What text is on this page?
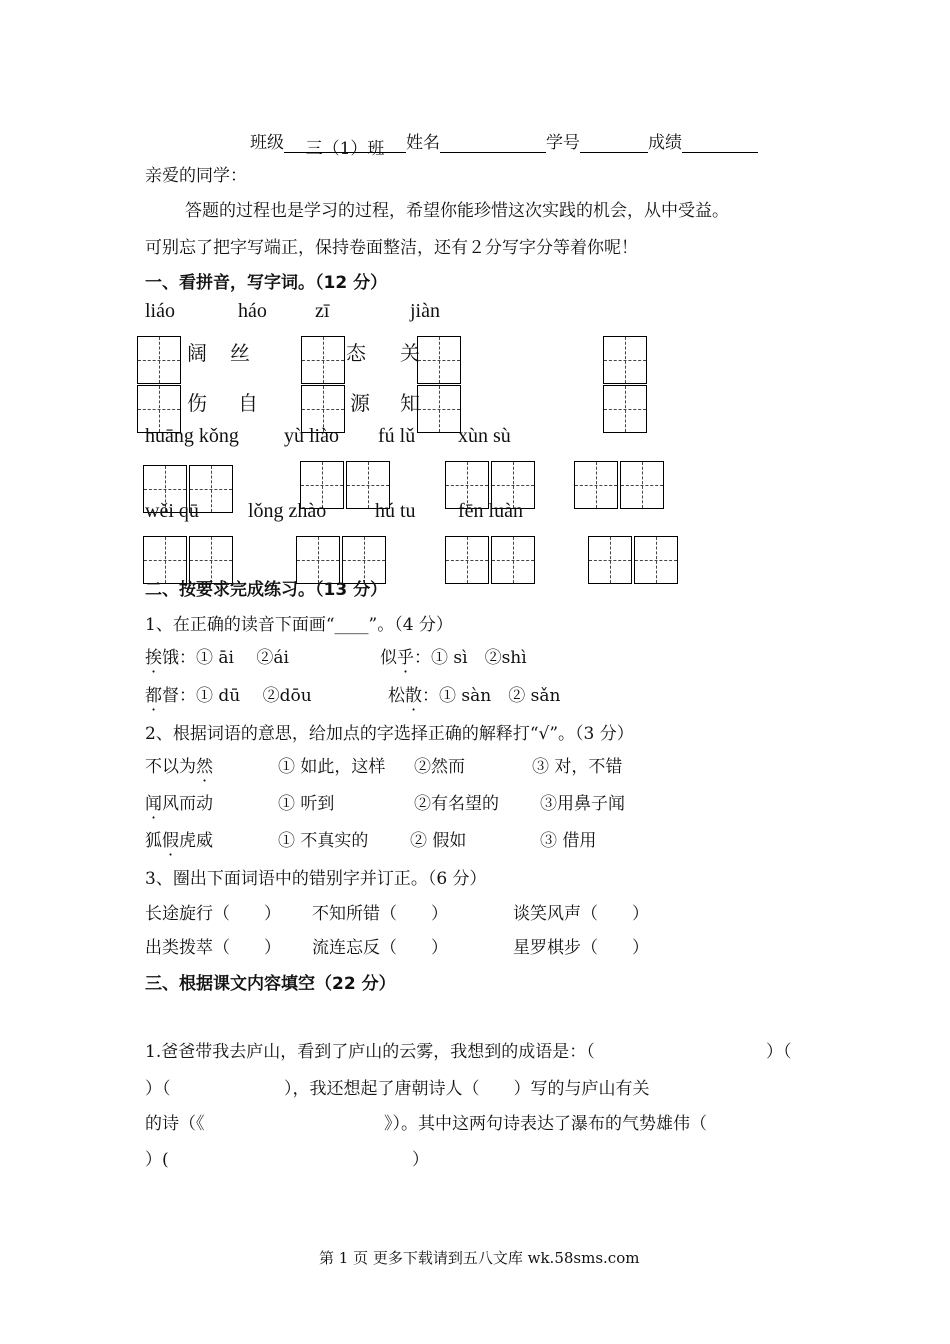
班级 三（1）班 姓名	学号	成绩
亲爱的同学：
答题的过程也是学习的过程，希望你能珍惜这次实践的机会，从中受益。
可别忘了把字写端正，保持卷面整洁，还有２分写字分等着你呢！
一、看拼音，写字词。（12 分）
liáo	háo zī	jiàn
阔 丝	态 关
伤 自	源 知
huāng kǒng yù liào fú lǔ xùn sù
wěi qū lǒng zhào hú tu fēn luàn
二、按要求完成练习。（13 分）
1、在正确的读音下面画“____”。（4 分）
挨饿：① āi　 ②ái	似乎：① sì　②shì
都督：① dū　 ②dōu	松散：① sàn　② sǎn
2、根据词语的意思，给加点的字选择正确的解释打“√”。（3 分）
不以为然	① 如此，这样 ②然而	③ 对，不错
闻风而动	① 听到	②有名望的 ③用鼻子闻
狐假虎威	① 不真实的 ② 假如	③ 借用
3、圈出下面词语中的错别字并订正。（6 分）
长途旋行（　　） 不知所错（　　）	谈笑风声（　　）
出类拨萃（　　） 流连忘反（　　）	星罗棋步（　　）
三、根据课文内容填空（22 分）
1.爸爸带我去庐山，看到了庐山的云雾，我想到的成语是：（	）（
）（	），我还想起了唐朝诗人（　　）写的与庐山有关
的诗（《	》）。其中这两句诗表达了瀑布的气势雄伟（
）(	）
第 1 页 更多下载请到五八文库 wk.58sms.com
